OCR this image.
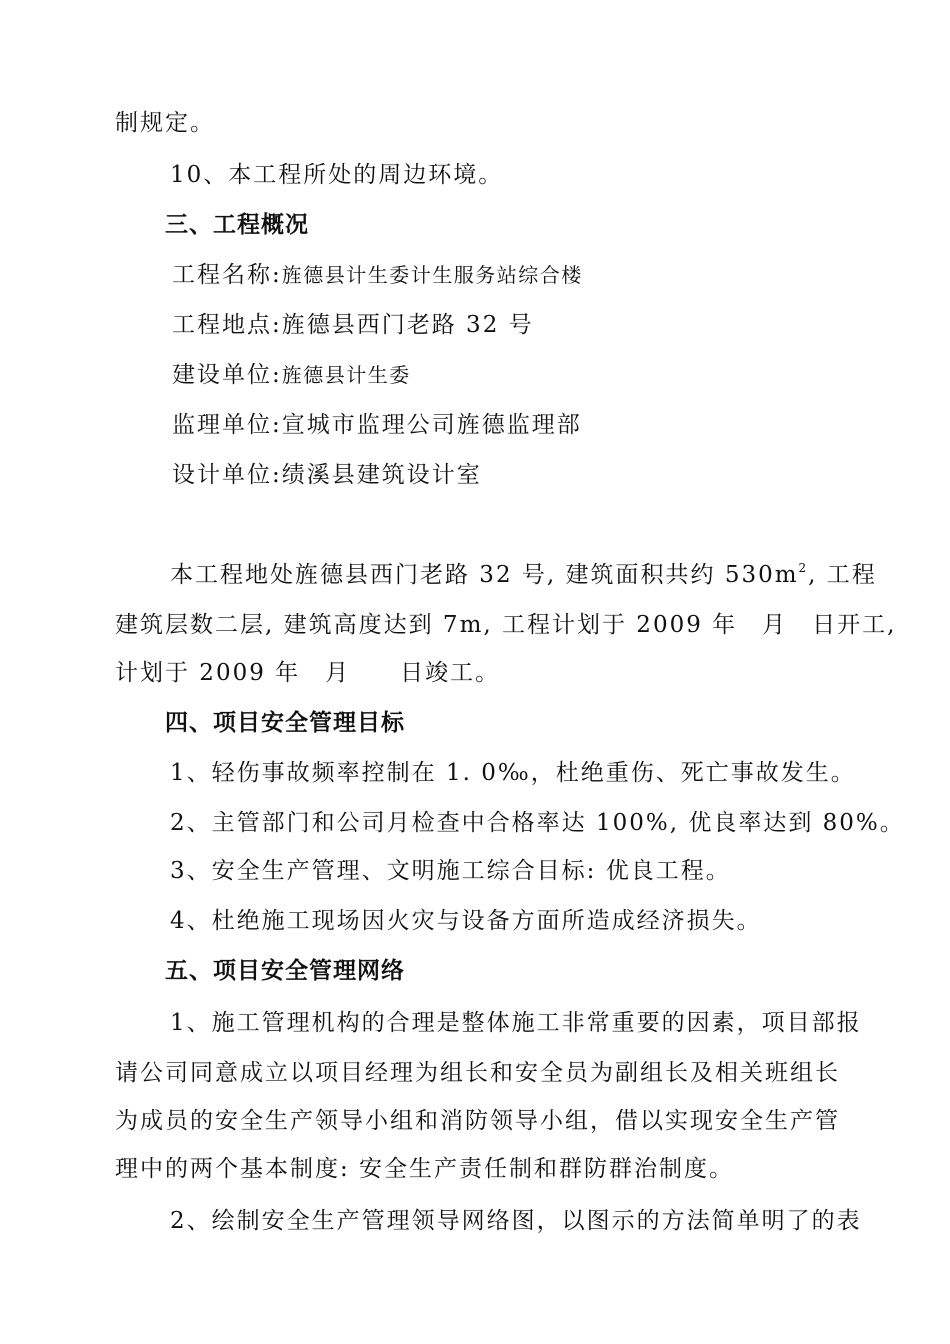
制规定。
10、本工程所处的周边环境。
三、工程概况
工程名称:旌德县计生委计生服务站综合楼
工程地点:旌德县西门老路 32 号
建设单位:旌德县计生委
监理单位:宣城市监理公司旌德监理部
设计单位:绩溪县建筑设计室
本工程地处旌德县西门老路 32 号, 建筑面积共约 $530m^2$, 工程
建筑层数二层, 建筑高度达到 7m, 工程计划于 2009 年　月　日开工,
计划于 2009 年　月　　日竣工。
四、项目安全管理目标
1、轻伤事故频率控制在 1. 0‰，杜绝重伤、死亡事故发生。
2、主管部门和公司月检查中合格率达 100%, 优良率达到 80%。
3、安全生产管理、文明施工综合目标: 优良工程。
4、杜绝施工现场因火灾与设备方面所造成经济损失。
五、项目安全管理网络
1、施工管理机构的合理是整体施工非常重要的因素，项目部报
请公司同意成立以项目经理为组长和安全员为副组长及相关班组长
为成员的安全生产领导小组和消防领导小组，借以实现安全生产管
理中的两个基本制度: 安全生产责任制和群防群治制度。
2、绘制安全生产管理领导网络图，以图示的方法简单明了的表
